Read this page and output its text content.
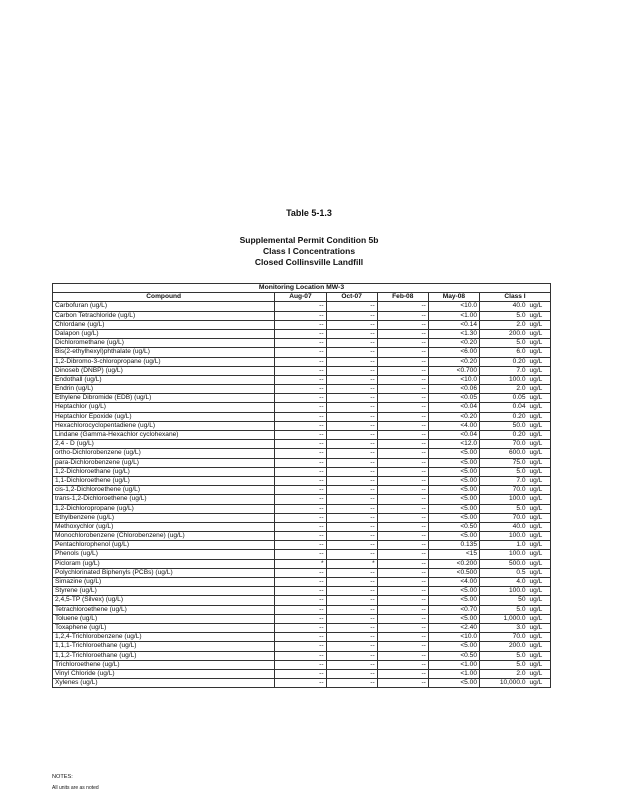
Table 5-1.3
Supplemental Permit Condition 5b
Class I Concentrations
Closed Collinsville Landfill
Monitoring Location MW-3						
Compound	Aug-07	Oct-07	Feb-08	May-08	Class I	
Carbofuran (ug/L)	--	--	--	<10.0	40.0	ug/L
Carbon Tetrachloride (ug/L)	--	--	--	<1.00	5.0	ug/L
Chlordane (ug/L)	--	--	--	<0.14	2.0	ug/L
Dalapon (ug/L)	--	--	--	<1.30	200.0	ug/L
Dichloromethane (ug/L)	--	--	--	<0.20	5.0	ug/L
Bis(2-ethylhexyl)phthalate (ug/L)	--	--	--	<6.00	6.0	ug/L
1,2-Dibromo-3-chloropropane (ug/L)	--	--	--	<0.20	0.20	ug/L
Dinoseb (DNBP) (ug/L)	--	--	--	<0.700	7.0	ug/L
Endothall (ug/L)	--	--	--	<10.0	100.0	ug/L
Endrin (ug/L)	--	--	--	<0.06	2.0	ug/L
Ethylene Dibromide (EDB) (ug/L)	--	--	--	<0.05	0.05	ug/L
Heptachlor (ug/L)	--	--	--	<0.04	0.04	ug/L
Heptachlor Epoxide (ug/L)	--	--	--	<0.20	0.20	ug/L
Hexachlorocyclopentadiene (ug/L)	--	--	--	<4.00	50.0	ug/L
Lindane (Gamma-Hexachlor cyclohexane)	--	--	--	<0.04	0.20	ug/L
2,4 - D (ug/L)	--	--	--	<12.0	70.0	ug/L
ortho-Dichlorobenzene (ug/L)	--	--	--	<5.00	600.0	ug/L
para-Dichlorobenzene (ug/L)	--	--	--	<5.00	75.0	ug/L
1,2-Dichloroethane (ug/L)	--	--	--	<5.00	5.0	ug/L
1,1-Dichloroethene (ug/L)	--	--	--	<5.00	7.0	ug/L
cis-1,2-Dichloroethene (ug/L)	--	--	--	<5.00	70.0	ug/L
trans-1,2-Dichloroethene (ug/L)	--	--	--	<5.00	100.0	ug/L
1,2-Dichloropropane (ug/L)	--	--	--	<5.00	5.0	ug/L
Ethylbenzene (ug/L)	--	--	--	<5.00	70.0	ug/L
Methoxychlor (ug/L)	--	--	--	<0.50	40.0	ug/L
Monochlorobenzene (Chlorobenzene) (ug/L)	--	--	--	<5.00	100.0	ug/L
Pentachlorophenol (ug/L)	--	--	--	0.135	1.0	ug/L
Phenols (ug/L)	--	--	--	<15	100.0	ug/L
Picloram (ug/L)	*	*	--	<0.200	500.0	ug/L
Polychlorinated Biphenyls (PCBs) (ug/L)	--	--	--	<0.500	0.5	ug/L
Simazine (ug/L)	--	--	--	<4.00	4.0	ug/L
Styrene (ug/L)	--	--	--	<5.00	100.0	ug/L
2,4,5-TP (Silvex) (ug/L)	--	--	--	<5.00	50	ug/L
Tetrachloroethene (ug/L)	--	--	--	<0.70	5.0	ug/L
Toluene (ug/L)	--	--	--	<5.00	1,000.0	ug/L
Toxaphene (ug/L)	--	--	--	<2.40	3.0	ug/L
1,2,4-Trichlorobenzene (ug/L)	--	--	--	<10.0	70.0	ug/L
1,1,1-Trichloroethane (ug/L)	--	--	--	<5.00	200.0	ug/L
1,1,2-Trichloroethane (ug/L)	--	--	--	<0.50	5.0	ug/L
Trichloroethene (ug/L)	--	--	--	<1.00	5.0	ug/L
Vinyl Chloride (ug/L)	--	--	--	<1.00	2.0	ug/L
Xylenes (ug/L)	--	--	--	<5.00	10,000.0	ug/L
NOTES:
All units are as noted
